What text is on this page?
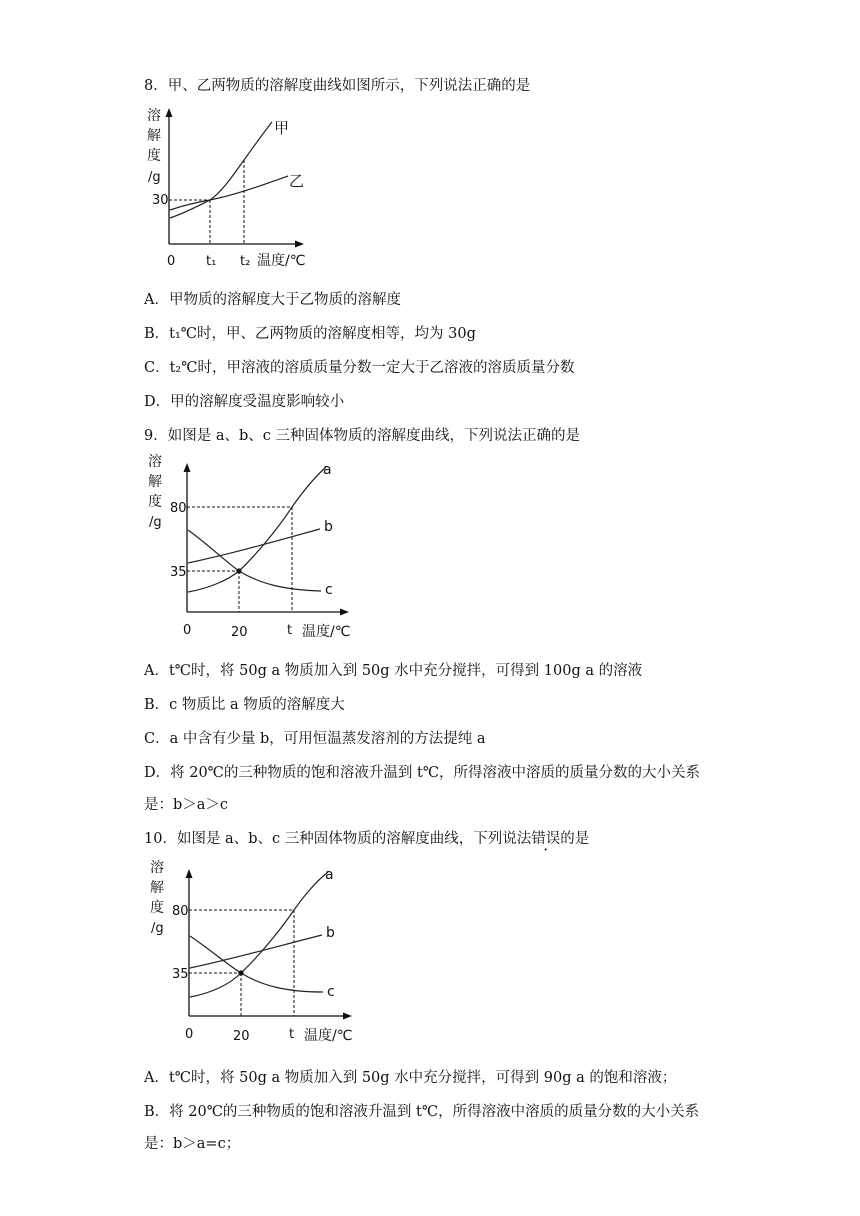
8．甲、乙两物质的溶解度曲线如图所示，下列说法正确的是
溶
解
度
/g
30
0 t₁ t₂ 温度/℃
甲
乙
A．甲物质的溶解度大于乙物质的溶解度
B．t₁℃时，甲、乙两物质的溶解度相等，均为 30g
C．t₂℃时，甲溶液的溶质质量分数一定大于乙溶液的溶质质量分数
D．甲的溶解度受温度影响较小
9．如图是 a、b、c 三种固体物质的溶解度曲线，下列说法正确的是
溶
解
度
/g
80
35
0	20	t 温度/℃
a
b
c
A．t℃时，将 50g a 物质加入到 50g 水中充分搅拌，可得到 100g a 的溶液
B．c 物质比 a 物质的溶解度大
C．a 中含有少量 b，可用恒温蒸发溶剂的方法提纯 a
D．将 20℃的三种物质的饱和溶液升温到 t℃，所得溶液中溶质的质量分数的大小关系
是：b＞a＞c
10．如图是 a、b、c 三种固体物质的溶解度曲线，下列说法错误的是
溶
解
度
/g
80
35
0	20	t 温度/℃
a
b
c
A．t℃时，将 50g a 物质加入到 50g 水中充分搅拌，可得到 90g a 的饱和溶液；
B．将 20℃的三种物质的饱和溶液升温到 t℃，所得溶液中溶质的质量分数的大小关系
是：b＞a=c；
